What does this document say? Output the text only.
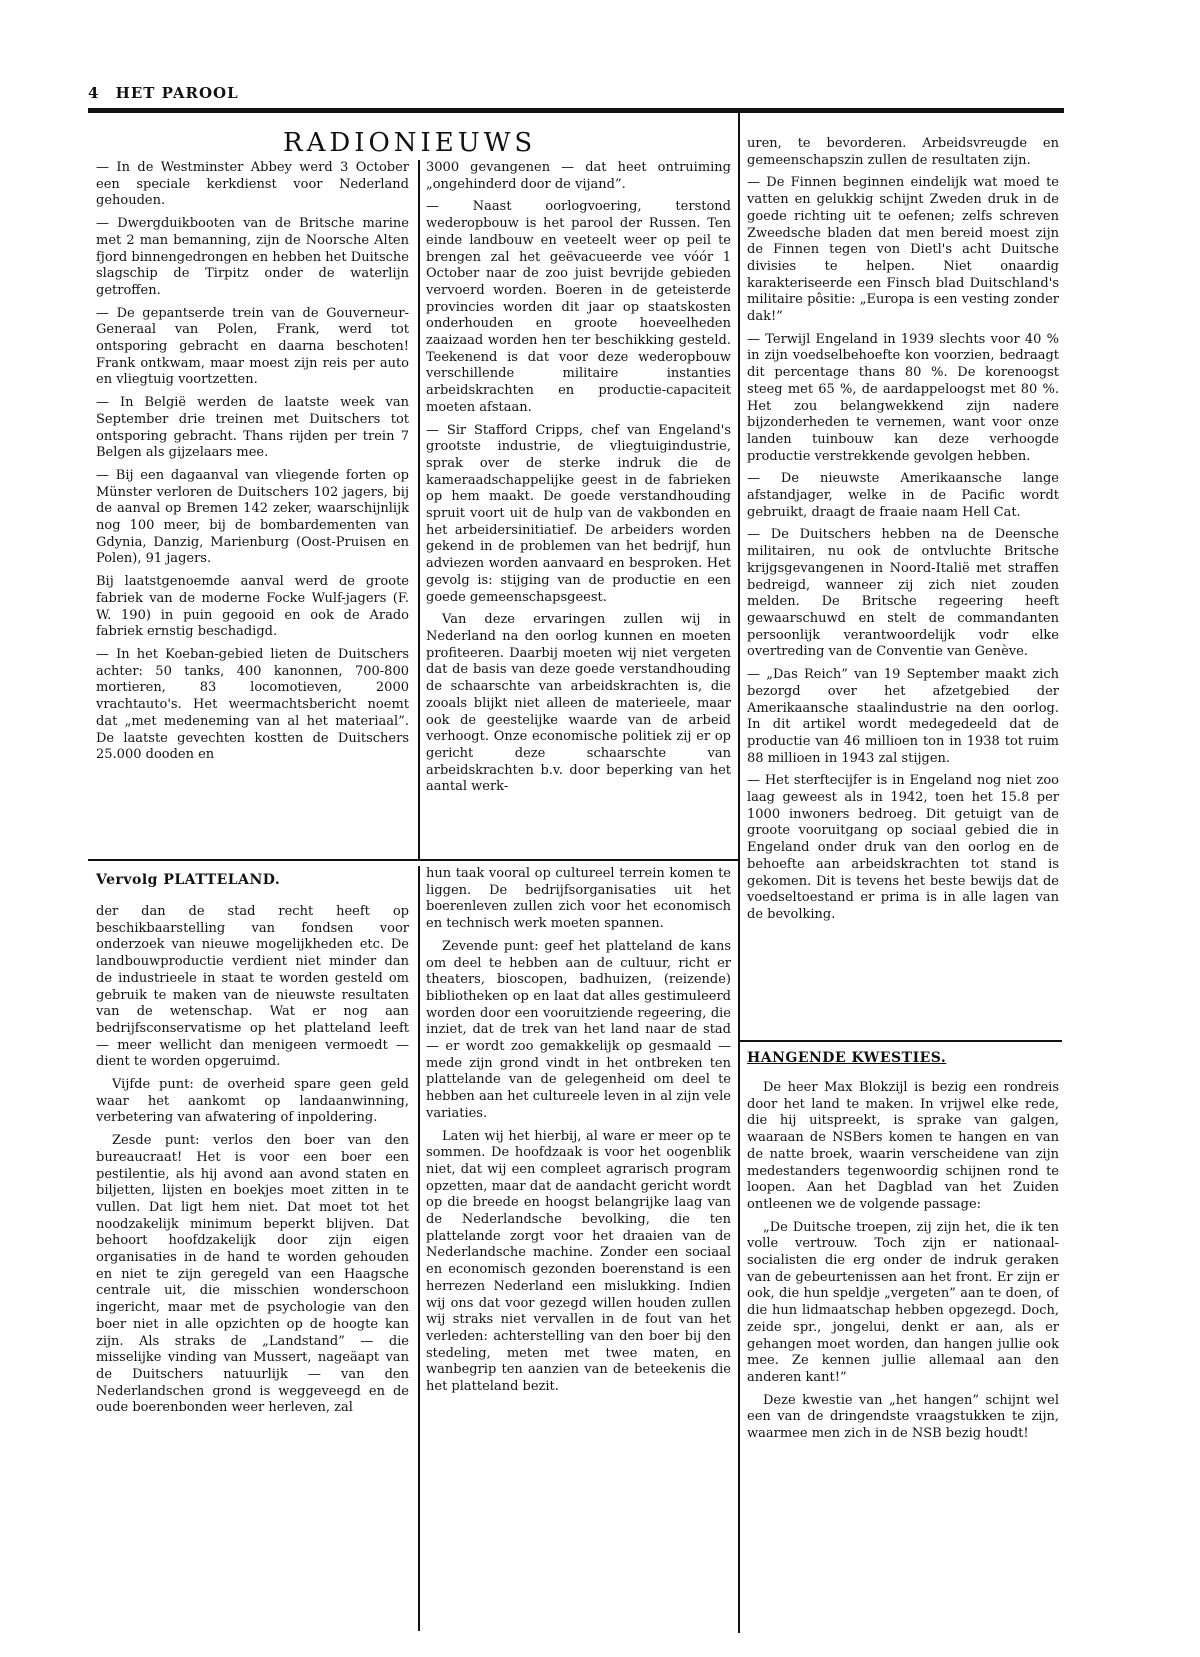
4 HET PAROOL
RADIONIEUWS

— In de Westminster Abbey werd 3 October een speciale kerkdienst voor Nederland gehouden.

— Dwergduikbooten van de Britsche marine met 2 man bemanning, zijn de Noorsche Alten fjord binnengedrongen en hebben het Duitsche slagschip de Tirpitz onder de waterlijn getroffen.

— De gepantserde trein van de Gouverneur-Generaal van Polen, Frank, werd tot ontsporing gebracht en daarna beschoten! Frank ontkwam, maar moest zijn reis per auto en vliegtuig voortzetten.

— In België werden de laatste week van September drie treinen met Duitschers tot ontsporing gebracht. Thans rijden per trein 7 Belgen als gijzelaars mee.

— Bij een dagaanval van vliegende forten op Münster verloren de Duitschers 102 jagers, bij de aanval op Bremen 142 zeker, waarschijnlijk nog 100 meer, bij de bombardementen van Gdynia, Danzig, Marienburg (Oost-Pruisen en Polen), 91 jagers.

Bij laatstgenoemde aanval werd de groote fabriek van de moderne Focke Wulf-jagers (F. W. 190) in puin gegooid en ook de Arado fabriek ernstig beschadigd.

— In het Koeban-gebied lieten de Duitschers achter: 50 tanks, 400 kanonnen, 700-800 mortieren, 83 locomotieven, 2000 vrachtauto's. Het weermachtsbericht noemt dat „met medeneming van al het materiaal”. De laatste gevechten kostten de Duitschers 25.000 dooden en

3000 gevangenen — dat heet ontruiming „ongehinderd door de vijand”.

— Naast oorlogvoering, terstond wederopbouw is het parool der Russen. Ten einde landbouw en veeteelt weer op peil te brengen zal het geëvacueerde vee vóór 1 October naar de zoo juist bevrijde gebieden vervoerd worden. Boeren in de geteisterde provincies worden dit jaar op staatskosten onderhouden en groote hoeveelheden zaaizaad worden hen ter beschikking gesteld. Teekenend is dat voor deze wederopbouw verschillende militaire instanties arbeidskrachten en productie-capaciteit moeten afstaan.

— Sir Stafford Cripps, chef van Engeland's grootste industrie, de vliegtuigindustrie, sprak over de sterke indruk die de kameraadschappelijke geest in de fabrieken op hem maakt. De goede verstandhouding spruit voort uit de hulp van de vakbonden en het arbeidersinitiatief. De arbeiders worden gekend in de problemen van het bedrijf, hun adviezen worden aanvaard en besproken. Het gevolg is: stijging van de productie en een goede gemeenschapsgeest.

Van deze ervaringen zullen wij in Nederland na den oorlog kunnen en moeten profiteeren. Daarbij moeten wij niet vergeten dat de basis van deze goede verstandhouding de schaarschte van arbeidskrachten is, die zooals blijkt niet alleen de materieele, maar ook de geestelijke waarde van de arbeid verhoogt. Onze economische politiek zij er op gericht deze schaarschte van arbeidskrachten b.v. door beperking van het aantal werk-

uren, te bevorderen. Arbeidsvreugde en gemeenschapszin zullen de resultaten zijn.

— De Finnen beginnen eindelijk wat moed te vatten en gelukkig schijnt Zweden druk in de goede richting uit te oefenen; zelfs schreven Zweedsche bladen dat men bereid moest zijn de Finnen tegen von Dietl's acht Duitsche divisies te helpen. Niet onaardig karakteriseerde een Finsch blad Duitschland's militaire pôsitie: „Europa is een vesting zonder dak!”

— Terwijl Engeland in 1939 slechts voor 40 % in zijn voedselbehoefte kon voorzien, bedraagt dit percentage thans 80 %. De korenoogst steeg met 65 %, de aardappeloogst met 80 %. Het zou belangwekkend zijn nadere bijzonderheden te vernemen, want voor onze landen tuinbouw kan deze verhoogde productie verstrekkende gevolgen hebben.

— De nieuwste Amerikaansche lange afstandjager, welke in de Pacific wordt gebruikt, draagt de fraaie naam Hell Cat.

— De Duitschers hebben na de Deensche militairen, nu ook de ontvluchte Britsche krijgsgevangenen in Noord-Italië met straffen bedreigd, wanneer zij zich niet zouden melden. De Britsche regeering heeft gewaarschuwd en stelt de commandanten persoonlijk verantwoordelijk vodr elke overtreding van de Conventie van Genève.

— „Das Reich” van 19 September maakt zich bezorgd over het afzetgebied der Amerikaansche staalindustrie na den oorlog. In dit artikel wordt medegedeeld dat de productie van 46 millioen ton in 1938 tot ruim 88 millioen in 1943 zal stijgen.

— Het sterftecijfer is in Engeland nog niet zoo laag geweest als in 1942, toen het 15.8 per 1000 inwoners bedroeg. Dit getuigt van de groote vooruitgang op sociaal gebied die in Engeland onder druk van den oorlog en de behoefte aan arbeidskrachten tot stand is gekomen. Dit is tevens het beste bewijs dat de voedseltoestand er prima is in alle lagen van de bevolking.

Vervolg PLATTELAND.

der dan de stad recht heeft op beschikbaarstelling van fondsen voor onderzoek van nieuwe mogelijkheden etc. De landbouwproductie verdient niet minder dan de industrieele in staat te worden gesteld om gebruik te maken van de nieuwste resultaten van de wetenschap. Wat er nog aan bedrijfsconservatisme op het platteland leeft — meer wellicht dan menigeen vermoedt — dient te worden opgeruimd.

Vijfde punt: de overheid spare geen geld waar het aankomt op landaanwinning, verbetering van afwatering of inpoldering.

Zesde punt: verlos den boer van den bureaucraat! Het is voor een boer een pestilentie, als hij avond aan avond staten en biljetten, lijsten en boekjes moet zitten in te vullen. Dat ligt hem niet. Dat moet tot het noodzakelijk minimum beperkt blijven. Dat behoort hoofdzakelijk door zijn eigen organisaties in de hand te worden gehouden en niet te zijn geregeld van een Haagsche centrale uit, die misschien wonderschoon ingericht, maar met de psychologie van den boer niet in alle opzichten op de hoogte kan zijn. Als straks de „Landstand” — die misselijke vinding van Mussert, nageäapt van de Duitschers natuurlijk — van den Nederlandschen grond is weggeveegd en de oude boerenbonden weer herleven, zal

hun taak vooral op cultureel terrein komen te liggen. De bedrijfsorganisaties uit het boerenleven zullen zich voor het economisch en technisch werk moeten spannen.

Zevende punt: geef het platteland de kans om deel te hebben aan de cultuur, richt er theaters, bioscopen, badhuizen, (reizende) bibliotheken op en laat dat alles gestimuleerd worden door een vooruitziende regeering, die inziet, dat de trek van het land naar de stad — er wordt zoo gemakkelijk op gesmaald — mede zijn grond vindt in het ontbreken ten plattelande van de gelegenheid om deel te hebben aan het cultureele leven in al zijn vele variaties.

Laten wij het hierbij, al ware er meer op te sommen. De hoofdzaak is voor het oogenblik niet, dat wij een compleet agrarisch program opzetten, maar dat de aandacht gericht wordt op die breede en hoogst belangrijke laag van de Nederlandsche bevolking, die ten plattelande zorgt voor het draaien van de Nederlandsche machine. Zonder een sociaal en economisch gezonden boerenstand is een herrezen Nederland een mislukking. Indien wij ons dat voor gezegd willen houden zullen wij straks niet vervallen in de fout van het verleden: achterstelling van den boer bij den stedeling, meten met twee maten, en wanbegrip ten aanzien van de beteekenis die het platteland bezit.

HANGENDE KWESTIES.

De heer Max Blokzijl is bezig een rondreis door het land te maken. In vrijwel elke rede, die hij uitspreekt, is sprake van galgen, waaraan de NSBers komen te hangen en van de natte broek, waarin verscheidene van zijn medestanders tegenwoordig schijnen rond te loopen. Aan het Dagblad van het Zuiden ontleenen we de volgende passage:

„De Duitsche troepen, zij zijn het, die ik ten volle vertrouw. Toch zijn er nationaal-socialisten die erg onder de indruk geraken van de gebeurtenissen aan het front. Er zijn er ook, die hun speldje „vergeten” aan te doen, of die hun lidmaatschap hebben opgezegd. Doch, zeide spr., jongelui, denkt er aan, als er gehangen moet worden, dan hangen jullie ook mee. Ze kennen jullie allemaal aan den anderen kant!”

Deze kwestie van „het hangen” schijnt wel een van de dringendste vraagstukken te zijn, waarmee men zich in de NSB bezig houdt!
